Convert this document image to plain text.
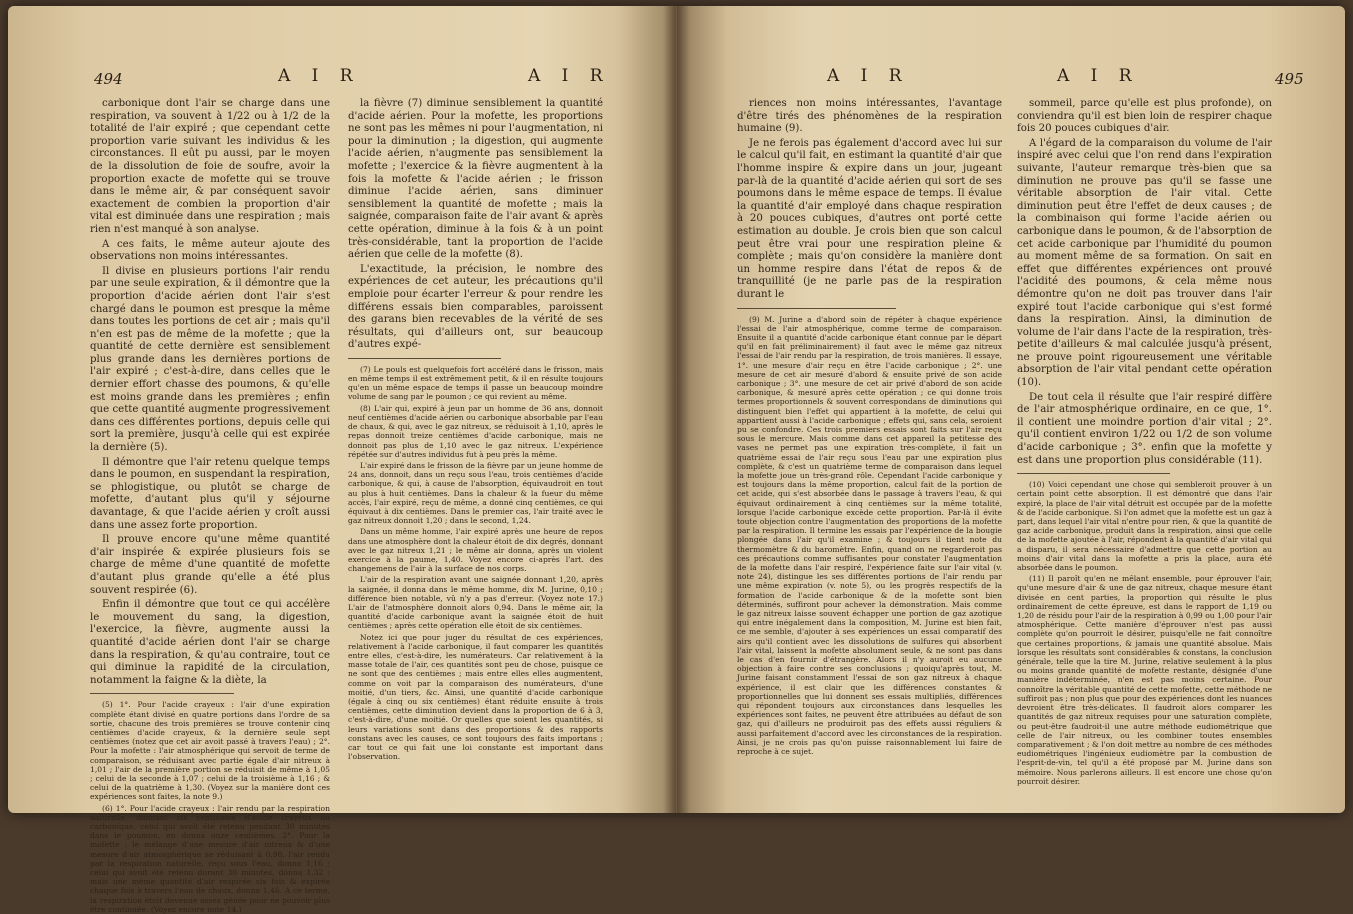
494	A I R	A I R

carbonique dont l'air se charge dans une respiration, va souvent à 1/22 ou à 1/2 de la totalité de l'air expiré ; que cependant cette proportion varie suivant les individus & les circonstances. Il eût pu aussi, par le moyen de la dissolution de foie de soufre, avoir la proportion exacte de mofette qui se trouve dans le même air, & par conséquent savoir exactement de combien la proportion d'air vital est diminuée dans une respiration ; mais rien n'est manqué à son analyse.

A ces faits, le même auteur ajoute des observations non moins intéressantes.

Il divise en plusieurs portions l'air rendu par une seule expiration, & il démontre que la proportion d'acide aérien dont l'air s'est chargé dans le poumon est presque la même dans toutes les portions de cet air ; mais qu'il n'en est pas de même de la mofette ; que la quantité de cette dernière est sensiblement plus grande dans les dernières portions de l'air expiré ; c'est-à-dire, dans celles que le dernier effort chasse des poumons, & qu'elle est moins grande dans les premières ; enfin que cette quantité augmente progressivement dans ces différentes portions, depuis celle qui sort la première, jusqu'à celle qui est expirée la dernière (5).

Il démontre que l'air retenu quelque temps dans le poumon, en suspendant la respiration, se phlogistique, ou plutôt se charge de mofette, d'autant plus qu'il y séjourne davantage, & que l'acide aérien y croît aussi dans une assez forte proportion.

Il prouve encore qu'une même quantité d'air inspirée & expirée plusieurs fois se charge de même d'une quantité de mofette d'autant plus grande qu'elle a été plus souvent respirée (6).

Enfin il démontre que tout ce qui accélère le mouvement du sang, la digestion, l'exercice, la fièvre, augmente aussi la quantité d'acide aérien dont l'air se charge dans la respiration, & qu'au contraire, tout ce qui diminue la rapidité de la circulation, notamment la faigne & la diète, la

(5) 1°. Pour l'acide crayeux : l'air d'une expiration complète étant divisé en quatre portions dans l'ordre de sa sortie, chacune des trois premières se trouve contenir cinq centièmes d'acide crayeux, & la dernière seule sept centièmes (notez que cet air avoit passé à travers l'eau) ; 2°. Pour la mofette : l'air atmosphérique qui servoit de terme de comparaison, se réduisant avec partie égale d'air nitreux à 1,01 ; l'air de la première portion se réduisit de même à 1,05 ; celui de la seconde à 1,07 ; celui de la troisième à 1,16 ; & celui de la quatrième à 1,30. (Voyez sur la manière dont ces expériences sont faites, la note 9.)

(6) 1°. Pour l'acide crayeux : l'air rendu par la respiration naturelle, donnant six centièmes d'acide crayeux ou carbonique, celui qui avoit été retenu pendant 30 minutes dans le poumon, en donna onze centièmes. 2°. Pour la mofette : le mélange d'une mesure d'air nitreux & d'une mesure d'air atmosphérique se réduisant à 0,98, l'air rendu par la respiration naturelle, reçu sous l'eau, donna 1,16 ; celui qui avoit été retenu durant 30 minutes, donna 1,32 ; mais une même quantité d'air respirée six fois & expirée chaque fois à travers l'eau de chaux, donna 1,46. A ce terme, la respiration étoit devenue assez gênée pour ne pouvoir plus être continuée. (Voyez encore note 14.)

la fièvre (7) diminue sensiblement la quantité d'acide aérien. Pour la mofette, les proportions ne sont pas les mêmes ni pour l'augmentation, ni pour la diminution ; la digestion, qui augmente l'acide aérien, n'augmente pas sensiblement la mofette ; l'exercice & la fièvre augmentent à la fois la mofette & l'acide aérien ; le frisson diminue l'acide aérien, sans diminuer sensiblement la quantité de mofette ; mais la saignée, comparaison faite de l'air avant & après cette opération, diminue à la fois & à un point très-considérable, tant la proportion de l'acide aérien que celle de la mofette (8).

L'exactitude, la précision, le nombre des expériences de cet auteur, les précautions qu'il emploie pour écarter l'erreur & pour rendre les différens essais bien comparables, paroissent des garans bien recevables de la vérité de ses résultats, qui d'ailleurs ont, sur beaucoup d'autres expé-

(7) Le pouls est quelquefois fort accéléré dans le frisson, mais en même temps il est extrêmement petit, & il en résulte toujours qu'en un même espace de temps il passe un beaucoup moindre volume de sang par le poumon ; ce qui revient au même.

(8) L'air qui, expiré à jeun par un homme de 36 ans, donnoit neuf centièmes d'acide aérien ou carbonique absorbable par l'eau de chaux, & qui, avec le gaz nitreux, se réduisoit à 1,10, après le repas donnoit treize centièmes d'acide carbonique, mais ne donnoit pas plus de 1,10 avec le gaz nitreux. L'expérience répétée sur d'autres individus fut à peu près la même.

L'air expiré dans le frisson de la fièvre par un jeune homme de 24 ans, donnoit, dans un reçu sous l'eau, trois centièmes d'acide carbonique, & qui, à cause de l'absorption, équivaudroit en tout au plus à huit centièmes. Dans la chaleur & la fueur du même accès, l'air expiré, reçu de même, a donné cinq centièmes, ce qui équivaut à dix centièmes. Dans le premier cas, l'air traité avec le gaz nitreux donnoit 1,20 ; dans le second, 1,24.

Dans un même homme, l'air expiré après une heure de repos dans une atmosphère dont la chaleur étoit de dix degrés, donnant avec le gaz nitreux 1,21 ; le même air donna, après un violent exercice à la paume, 1,40. Voyez encore ci-après l'art. des changemens de l'air à la surface de nos corps.

L'air de la respiration avant une saignée donnant 1,20, après la saignée, il donna dans le même homme, dix M. Jurine, 0,10 ; différence bien notable, vû n'y a pas d'erreur. (Voyez note 17.) L'air de l'atmosphère donnoit alors 0,94. Dans le même air, la quantité d'acide carbonique avant la saignée étoit de huit centièmes ; après cette opération elle étoit de six centièmes.

Notez ici que pour juger du résultat de ces expériences, relativement à l'acide carbonique, il faut comparer les quantités entre elles, c'est-à-dire, les numérateurs. Car relativement à la masse totale de l'air, ces quantités sont peu de chose, puisque ce ne sont que des centièmes ; mais entre elles elles augmentent, comme on voit par la comparaison des numérateurs, d'une moitié, d'un tiers, &c. Ainsi, une quantité d'acide carbonique (égale à cinq ou six centièmes) étant réduite ensuite à trois centièmes, cette diminution devient dans la proportion de 6 à 3, c'est-à-dire, d'une moitié. Or quelles que soient les quantités, si leurs variations sont dans des proportions & des rapports constans avec les causes, ce sont toujours des faits importans ; car tout ce qui fait une loi constante est important dans l'observation.

A I R	A I R	495

riences non moins intéressantes, l'avantage d'être tirés des phénomènes de la respiration humaine (9).

Je ne ferois pas également d'accord avec lui sur le calcul qu'il fait, en estimant la quantité d'air que l'homme inspire & expire dans un jour, jugeant par-là de la quantité d'acide aérien qui sort de ses poumons dans le même espace de temps. Il évalue la quantité d'air employé dans chaque respiration à 20 pouces cubiques, d'autres ont porté cette estimation au double. Je crois bien que son calcul peut être vrai pour une respiration pleine & complète ; mais qu'on considère la manière dont un homme respire dans l'état de repos & de tranquillité (je ne parle pas de la respiration durant le

(9) M. Jurine a d'abord soin de répéter à chaque expérience l'essai de l'air atmosphérique, comme terme de comparaison. Ensuite il a quantité d'acide carbonique étant connue par le départ qu'il en fait préliminairement) il faut avec le même gaz nitreux l'essai de l'air rendu par la respiration, de trois manières. Il essaye, 1°. une mesure d'air reçu en être l'acide carbonique ; 2°. une mesure de cet air mesuré d'abord & ensuite privé de son acide carbonique ; 3°. une mesure de cet air privé d'abord de son acide carbonique, & mesuré après cette opération ; ce qui donne trois termes proportionnels & souvent correspondans de diminutions qui distinguent bien l'effet qui appartient à la mofette, de celui qui appartient aussi à l'acide carbonique ; effets qui, sans cela, seroient pu se confondre. Ces trois premiers essais sont faits sur l'air reçu sous le mercure. Mais comme dans cet appareil la petitesse des vases ne permet pas une expiration très-complète, il fait un quatrième essai de l'air reçu sous l'eau par une expiration plus complète, & c'est un quatrième terme de comparaison dans lequel la mofette joue un très-grand rôle. Cependant l'acide carbonique y est toujours dans la même proportion, calcul fait de la portion de cet acide, qui s'est absorbée dans le passage à travers l'eau, & qui équivaut ordinairement à cinq centièmes sur la même totalité, lorsque l'acide carbonique excède cette proportion. Par-là il évite toute objection contre l'augmentation des proportions de la mofette par la respiration. Il termine les essais par l'expérience de la bougie plongée dans l'air qu'il examine ; & toujours il tient note du thermomètre & du baromètre. Enfin, quand on ne regarderoit pas ces précautions comme suffisantes pour constater l'augmentation de la mofette dans l'air respiré, l'expérience faite sur l'air vital (v. note 24), distingue les ses différentes portions de l'air rendu par une même expiration (v. note 5), ou les progrès respectifs de la formation de l'acide carbonique & de la mofette sont bien déterminés, suffiront pour achever la démonstration. Mais comme le gaz nitreux laisse souvent échapper une portion de gaz azotique qui entre inégalement dans la composition, M. Jurine est bien fait, ce me semble, d'ajouter à ses expériences un essai comparatif des airs qu'il contient avec les dissolutions de sulfures qui absorbent l'air vital, laissent la mofette absolument seule, & ne sont pas dans le cas d'en fournir d'étrangère. Alors il n'y auroit eu aucune objection à faire contre ses conclusions ; quoiqu'après tout, M. Jurine faisant constamment l'essai de son gaz nitreux à chaque expérience, il est clair que les différences constantes & proportionnelles que lui donnent ses essais multipliés, différences qui répondent toujours aux circonstances dans lesquelles les expériences sont faites, ne peuvent être attribuées au défaut de son gaz, qui d'ailleurs ne produiroit pas des effets aussi réguliers & aussi parfaitement d'accord avec les circonstances de la respiration. Ainsi, je ne crois pas qu'on puisse raisonnablement lui faire de reproche à ce sujet.

sommeil, parce qu'elle est plus profonde), on conviendra qu'il est bien loin de respirer chaque fois 20 pouces cubiques d'air.

A l'égard de la comparaison du volume de l'air inspiré avec celui que l'on rend dans l'expiration suivante, l'auteur remarque très-bien que sa diminution ne prouve pas qu'il se fasse une véritable absorption de l'air vital. Cette diminution peut être l'effet de deux causes ; de la combinaison qui forme l'acide aérien ou carbonique dans le poumon, & de l'absorption de cet acide carbonique par l'humidité du poumon au moment même de sa formation. On sait en effet que différentes expériences ont prouvé l'acidité des poumons, & cela même nous démontre qu'on ne doit pas trouver dans l'air expiré tout l'acide carbonique qui s'est formé dans la respiration. Ainsi, la diminution de volume de l'air dans l'acte de la respiration, très-petite d'ailleurs & mal calculée jusqu'à présent, ne prouve point rigoureusement une véritable absorption de l'air vital pendant cette opération (10).

De tout cela il résulte que l'air respiré diffère de l'air atmosphérique ordinaire, en ce que, 1°. il contient une moindre portion d'air vital ; 2°. qu'il contient environ 1/22 ou 1/2 de son volume d'acide carbonique ; 3°. enfin que la mofette y est dans une proportion plus considérable (11).

(10) Voici cependant une chose qui sembleroit prouver à un certain point cette absorption. Il est démontré que dans l'air expiré, la place de l'air vital détruit est occupée par de la mofette & de l'acide carbonique. Si l'on admet que la mofette est un gaz à part, dans lequel l'air vital n'entre pour rien, & que la quantité de gaz acide carbonique, produit dans la respiration, ainsi que celle de la mofette ajoutée à l'air, répondent à la quantité d'air vital qui a disparu, il sera nécessaire d'admettre que cette portion au moins d'air vital dans la mofette a pris la place, aura été absorbée dans le poumon.

(11) Il paroît qu'en ne mêlant ensemble, pour éprouver l'air, qu'une mesure d'air & une de gaz nitreux, chaque mesure étant divisée en cent parties, la proportion qui résulte le plus ordinairement de cette épreuve, est dans le rapport de 1,19 ou 1,20 de résidu pour l'air de la respiration à 0,99 ou 1,00 pour l'air atmosphérique. Cette manière d'éprouver n'est pas aussi complète qu'on pourroit le désirer, puisqu'elle ne fait connoître que certaines proportions, & jamais une quantité absolue. Mais lorsque les résultats sont considérables & constans, la conclusion générale, telle que la tire M. Jurine, relative seulement à la plus ou moins grande quantité de mofette restante, désignée d'une manière indéterminée, n'en est pas moins certaine. Pour connoître la véritable quantité de cette mofette, cette méthode ne suffiroit pas ; non plus que pour des expériences dont les nuances devroient être très-délicates. Il faudroit alors comparer les quantités de gaz nitreux requises pour une saturation complète, ou peut-être faudroit-il une autre méthode eudiométrique que celle de l'air nitreux, ou les combiner toutes ensembles comparativement ; & l'on doit mettre au nombre de ces méthodes eudiométriques l'ingénieux eudiomètre par la combustion de l'esprit-de-vin, tel qu'il a été proposé par M. Jurine dans son mémoire. Nous parlerons ailleurs. Il est encore une chose qu'on pourroit désirer.
